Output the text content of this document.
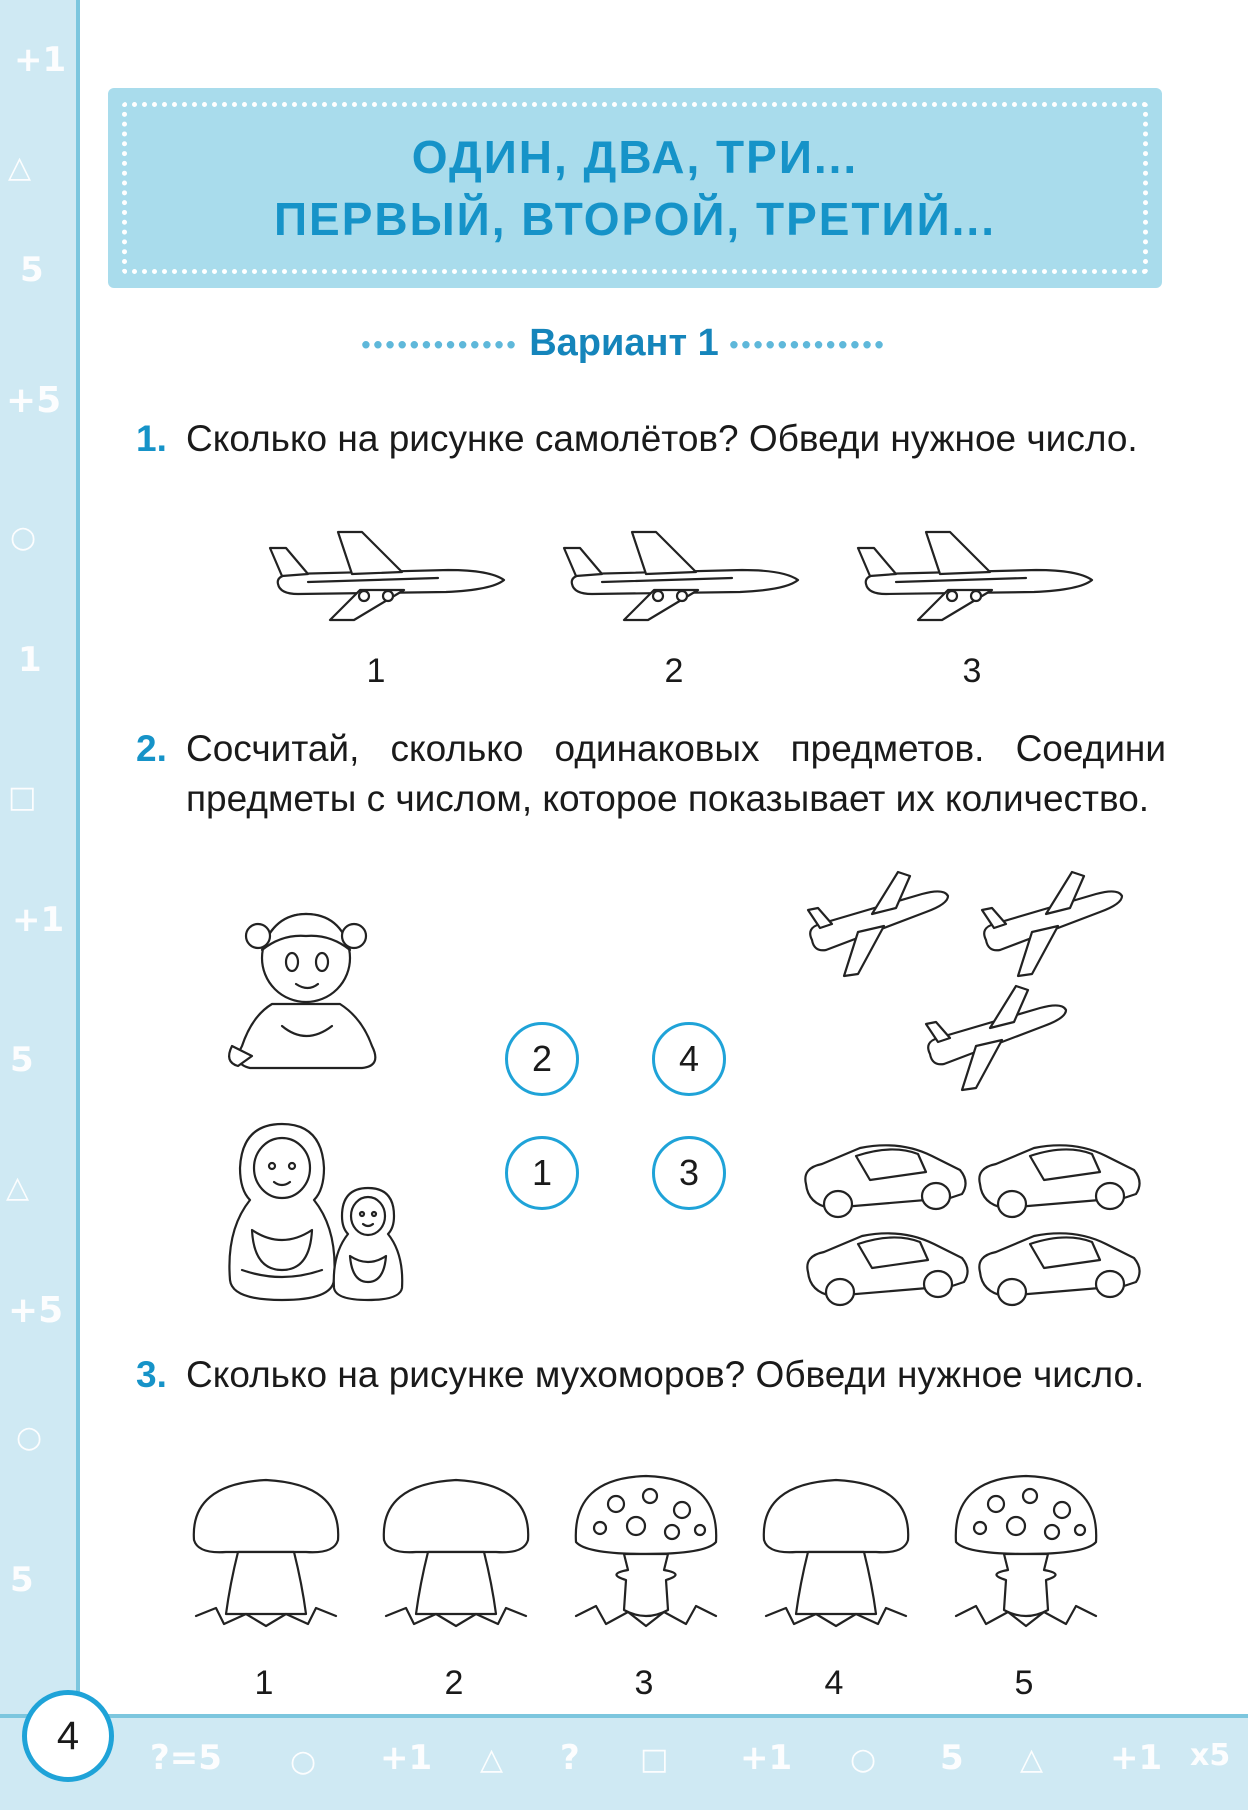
+1
△
5
+5
○
1
□
+1
5
△
+5
○
5
?=5 ○ +1 △ ? □ +1 ○ 5 △ +1 x5
ОДИН, ДВА, ТРИ...
ПЕРВЫЙ, ВТОРОЙ, ТРЕТИЙ...
••••••••••••• Вариант 1 •••••••••••••
1. Сколько на рисунке самолётов? Обведи нужное число.
1	2	3
2. Сосчитай, сколько одинаковых предметов. Соедини предметы с числом, которое показывает их количество.
2	4
1	3
3. Сколько на рисунке мухоморов? Обведи нужное число.
1	2	3	4	5
4
